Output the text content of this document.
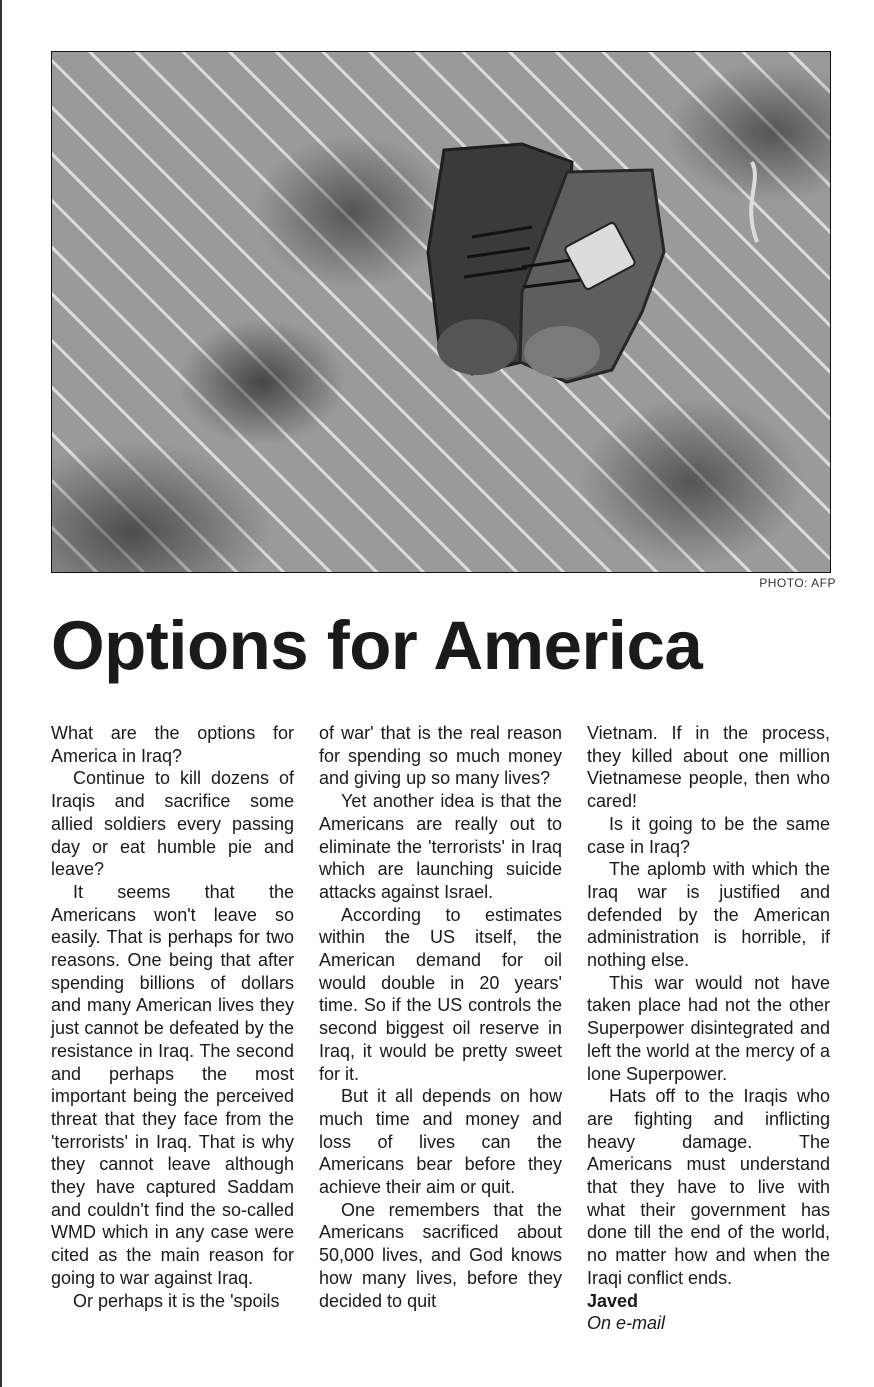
PHOTO: AFP
Options for America

What are the options for America in Iraq?

Continue to kill dozens of Iraqis and sacrifice some allied soldiers every passing day or eat humble pie and leave?

It seems that the Americans won't leave so easily. That is perhaps for two reasons. One being that after spending billions of dollars and many American lives they just cannot be defeated by the resistance in Iraq. The second and perhaps the most important being the perceived threat that they face from the 'terrorists' in Iraq. That is why they cannot leave although they have captured Saddam and couldn't find the so-called WMD which in any case were cited as the main reason for going to war against Iraq.

Or perhaps it is the 'spoils

of war' that is the real reason for spending so much money and giving up so many lives?

Yet another idea is that the Americans are really out to eliminate the 'terrorists' in Iraq which are launching suicide attacks against Israel.

According to estimates within the US itself, the American demand for oil would double in 20 years' time. So if the US controls the second biggest oil reserve in Iraq, it would be pretty sweet for it.

But it all depends on how much time and money and loss of lives can the Americans bear before they achieve their aim or quit.

One remembers that the Americans sacrificed about 50,000 lives, and God knows how many lives, before they decided to quit

Vietnam. If in the process, they killed about one million Vietnamese people, then who cared!

Is it going to be the same case in Iraq?

The aplomb with which the Iraq war is justified and defended by the American administration is horrible, if nothing else.

This war would not have taken place had not the other Superpower disintegrated and left the world at the mercy of a lone Superpower.

Hats off to the Iraqis who are fighting and inflicting heavy damage. The Americans must understand that they have to live with what their government has done till the end of the world, no matter how and when the Iraqi conflict ends.

Javed

On e-mail
